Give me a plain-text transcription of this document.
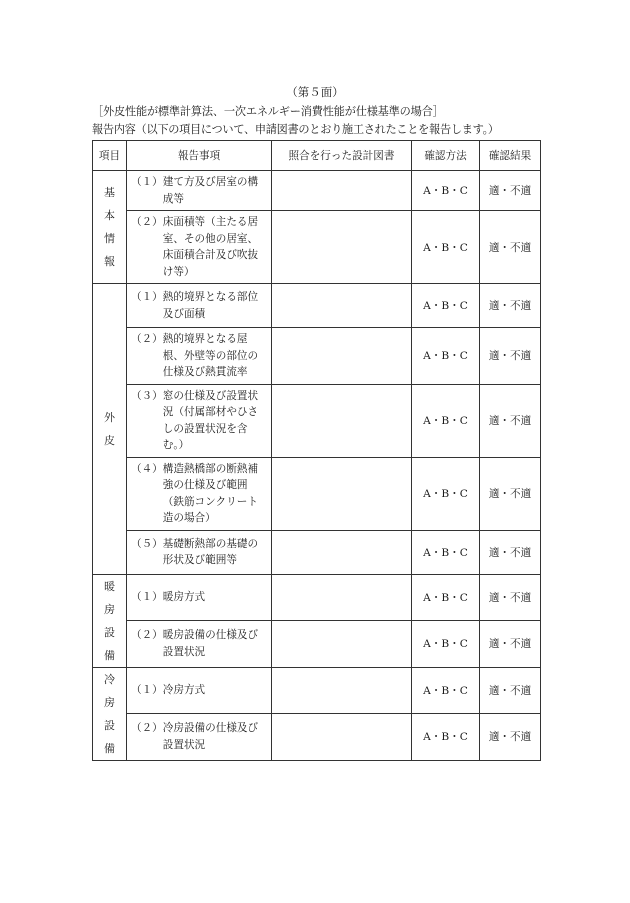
（第５面）
［外皮性能が標準計算法、一次エネルギー消費性能が仕様基準の場合］
報告内容（以下の項目について、申請図書のとおり施工されたことを報告します。）
項目	報告事項	照合を行った設計図書	確認方法	確認結果

基
本
情
報	（１） 建て方及び居室の構成等		A・B・C	適・不適

	（２） 床面積等（主たる居室、その他の居室、床面積合計及び吹抜け等）		A・B・C	適・不適

外
皮	（１） 熱的境界となる部位及び面積		A・B・C	適・不適

	（２） 熱的境界となる屋根、外壁等の部位の仕様及び熱貫流率		A・B・C	適・不適

	（３） 窓の仕様及び設置状況（付属部材やひさしの設置状況を含む。）		A・B・C	適・不適

	（４） 構造熱橋部の断熱補強の仕様及び範囲（鉄筋コンクリート造の場合）		A・B・C	適・不適

	（５） 基礎断熱部の基礎の形状及び範囲等		A・B・C	適・不適

暖
房
設
備	（１） 暖房方式		A・B・C	適・不適

	（２） 暖房設備の仕様及び設置状況		A・B・C	適・不適

冷
房
設
備	（１） 冷房方式		A・B・C	適・不適

	（２） 冷房設備の仕様及び設置状況		A・B・C	適・不適
